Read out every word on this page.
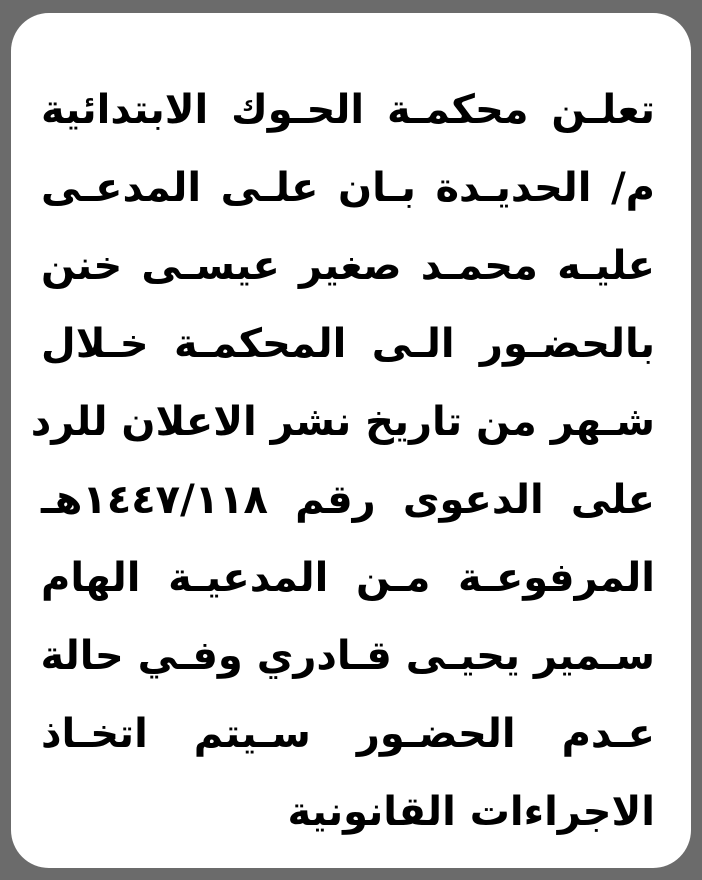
تعلـن محكمـة الحـوك الابتدائية
م/ الحديـدة بـان علـى المدعـى
عليـه محمـد صغير عيسـى خنن
بالحضـور الـى المحكمـة خـلال
شـهر من تاريخ نشر الاعلان للرد
على الدعوى رقم ١٤٤٧/١١٨هـ
المرفوعـة مـن المدعيـة الهام
سـمير يحيـى قـادري وفـي حالة
عـدم الحضـور سـيتم اتخـاذ
الاجراءات القانونية
